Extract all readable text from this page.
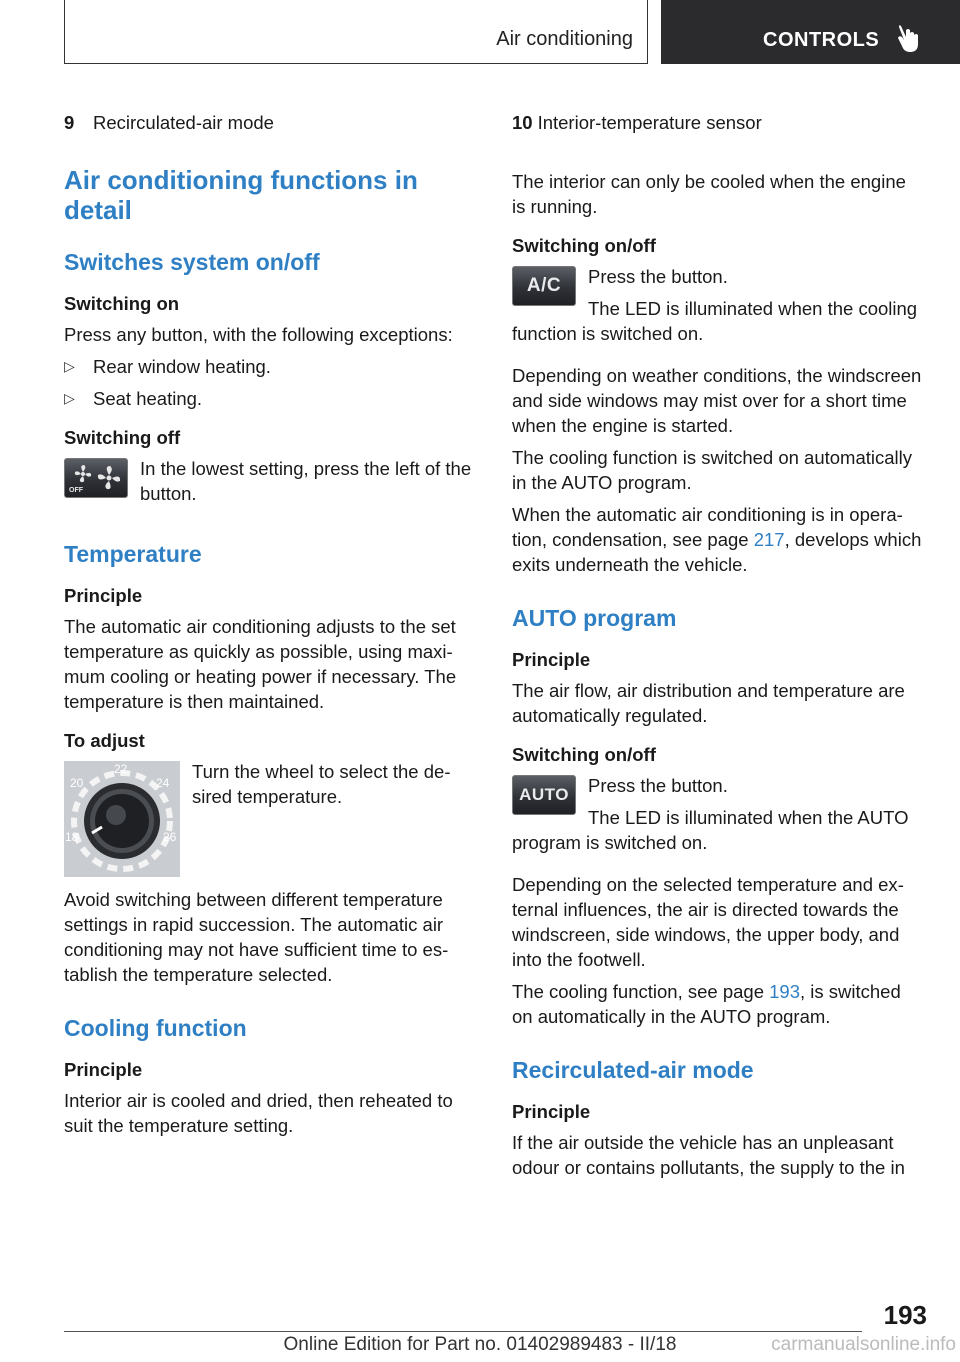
Air conditioning	CONTROLS

9 Recirculated-air mode

Air conditioning functions in detail
Switches system on/off
Switching on

Press any button, with the following exceptions:

▷ Rear window heating.
▷ Seat heating.
Switching off
OFF

In the lowest setting, press the left of the button.

Temperature
Principle

The automatic air conditioning adjusts to the set temperature as quickly as possible, using maximum cooling or heating power if necessary. The temperature is then maintained.

To adjust
20
22
24
18	26

Turn the wheel to select the desired temperature.

Avoid switching between different temperature settings in rapid succession. The automatic air conditioning may not have sufficient time to establish the temperature selected.

Cooling function
Principle

Interior air is cooled and dried, then reheated to suit the temperature setting.

10 Interior-temperature sensor

The interior can only be cooled when the engine is running.

Switching on/off
A/C	Press the button.

The LED is illuminated when the cooling function is switched on.

Depending on weather conditions, the windscreen and side windows may mist over for a short time when the engine is started.

The cooling function is switched on automatically in the AUTO program.

When the automatic air conditioning is in operation, condensation, see page 217, develops which exits underneath the vehicle.

AUTO program
Principle

The air flow, air distribution and temperature are automatically regulated.

Switching on/off
AUTO	Press the button.

The LED is illuminated when the AUTO program is switched on.

Depending on the selected temperature and external influences, the air is directed towards the windscreen, side windows, the upper body, and into the footwell.

The cooling function, see page 193, is switched on automatically in the AUTO program.

Recirculated-air mode
Principle

If the air outside the vehicle has an unpleasant odour or contains pollutants, the supply to the in

193
Online Edition for Part no. 01402989483 - II/18	carmanualsonline.info
